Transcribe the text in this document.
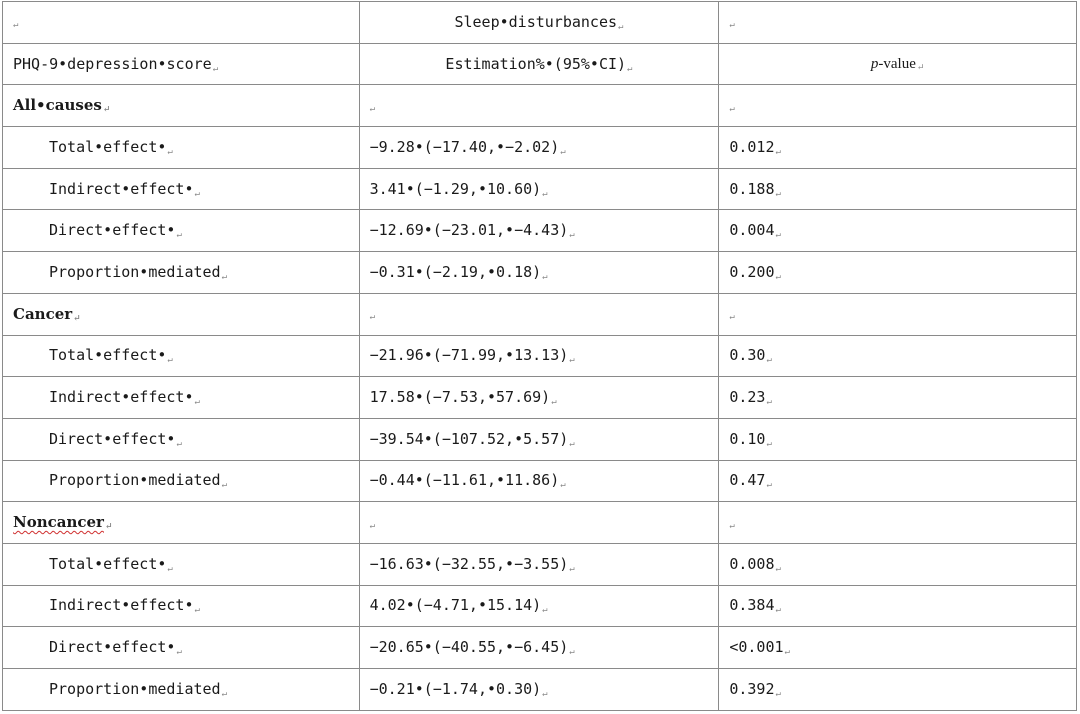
↵	Sleep•disturbances↵	↵
PHQ-9•depression•score↵	Estimation%•(95%•CI)↵	p-value↵
All•causes↵	↵	↵
Total•effect•↵	−9.28•(−17.40,•−2.02)↵	0.012↵
Indirect•effect•↵	3.41•(−1.29,•10.60)↵	0.188↵
Direct•effect•↵	−12.69•(−23.01,•−4.43)↵	0.004↵
Proportion•mediated↵	−0.31•(−2.19,•0.18)↵	0.200↵
Cancer↵	↵	↵
Total•effect•↵	−21.96•(−71.99,•13.13)↵	0.30↵
Indirect•effect•↵	17.58•(−7.53,•57.69)↵	0.23↵
Direct•effect•↵	−39.54•(−107.52,•5.57)↵	0.10↵
Proportion•mediated↵	−0.44•(−11.61,•11.86)↵	0.47↵
Noncancer↵	↵	↵
Total•effect•↵	−16.63•(−32.55,•−3.55)↵	0.008↵
Indirect•effect•↵	4.02•(−4.71,•15.14)↵	0.384↵
Direct•effect•↵	−20.65•(−40.55,•−6.45)↵	<0.001↵
Proportion•mediated↵	−0.21•(−1.74,•0.30)↵	0.392↵
